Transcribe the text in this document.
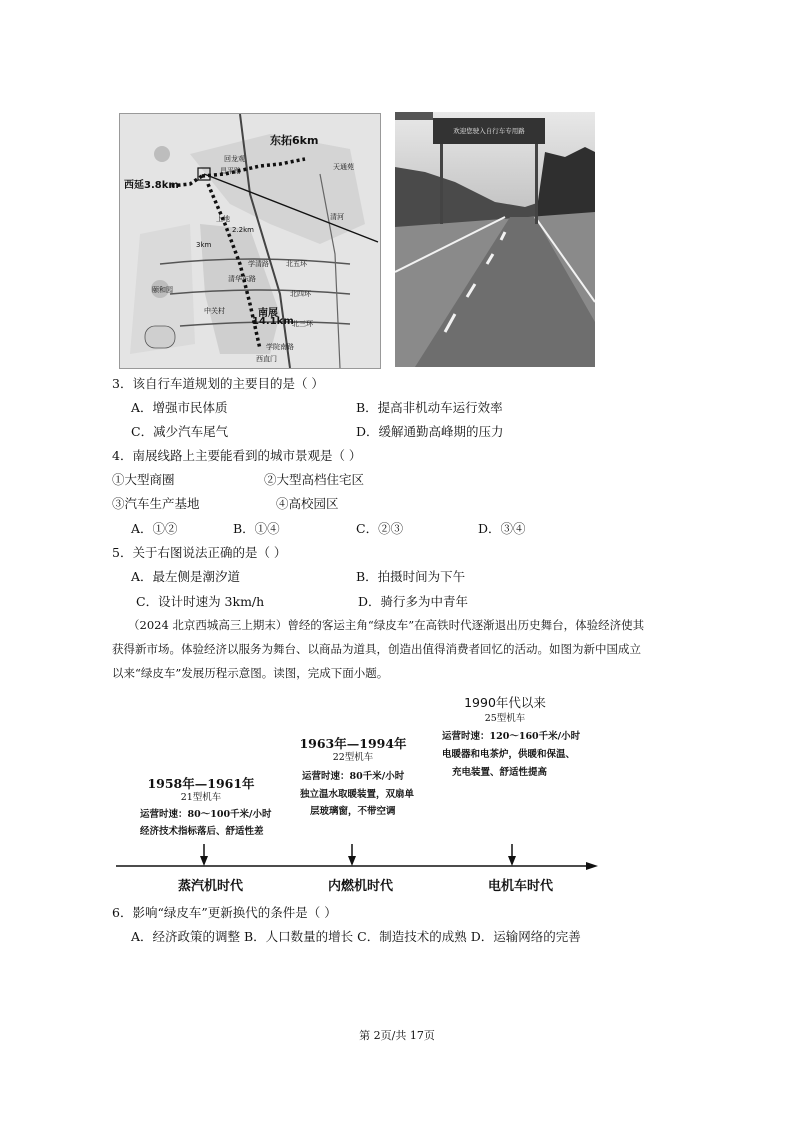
东拓6km
西延3.8km
南展
14.1km
北五环
北四环
北三环
3km
2.2km
天通苑
西直门
颐和园
回龙观
昌平路
清河
上地
清华东路
学清路
中关村
学院南路
欢迎您驶入自行车专用路
3．该自行车道规划的主要目的是（ ）
A．增强市民体质	B．提高非机动车运行效率
C．减少汽车尾气	D．缓解通勤高峰期的压力
4．南展线路上主要能看到的城市景观是（ ）
①大型商圈	②大型高档住宅区
③汽车生产基地	④高校园区
A．①②	B．①④	C．②③	D．③④
5．关于右图说法正确的是（ ）
A．最左侧是潮汐道	B．拍摄时间为下午
C．设计时速为 3km/h	D．骑行多为中青年
（2024 北京西城高三上期末）曾经的客运主角“绿皮车”在高铁时代逐渐退出历史舞台，体验经济使其
获得新市场。体验经济以服务为舞台、以商品为道具，创造出值得消费者回忆的活动。如图为新中国成立
以来“绿皮车”发展历程示意图。读图，完成下面小题。
1958年—1961年
21型机车
运营时速：80～100千米/小时
经济技术指标落后、舒适性差
1963年—1994年
22型机车
运营时速：80千米/小时
独立温水取暖装置，双扇单
层玻璃窗，不带空调
1990年代以来
25型机车
运营时速：120～160千米/小时
电暖器和电茶炉，供暖和保温、
充电装置、舒适性提高
蒸汽机时代	内燃机时代	电机车时代
6．影响“绿皮车”更新换代的条件是（ ）
A．经济政策的调整 B．人口数量的增长 C．制造技术的成熟 D．运输网络的完善
第 2页/共 17页
